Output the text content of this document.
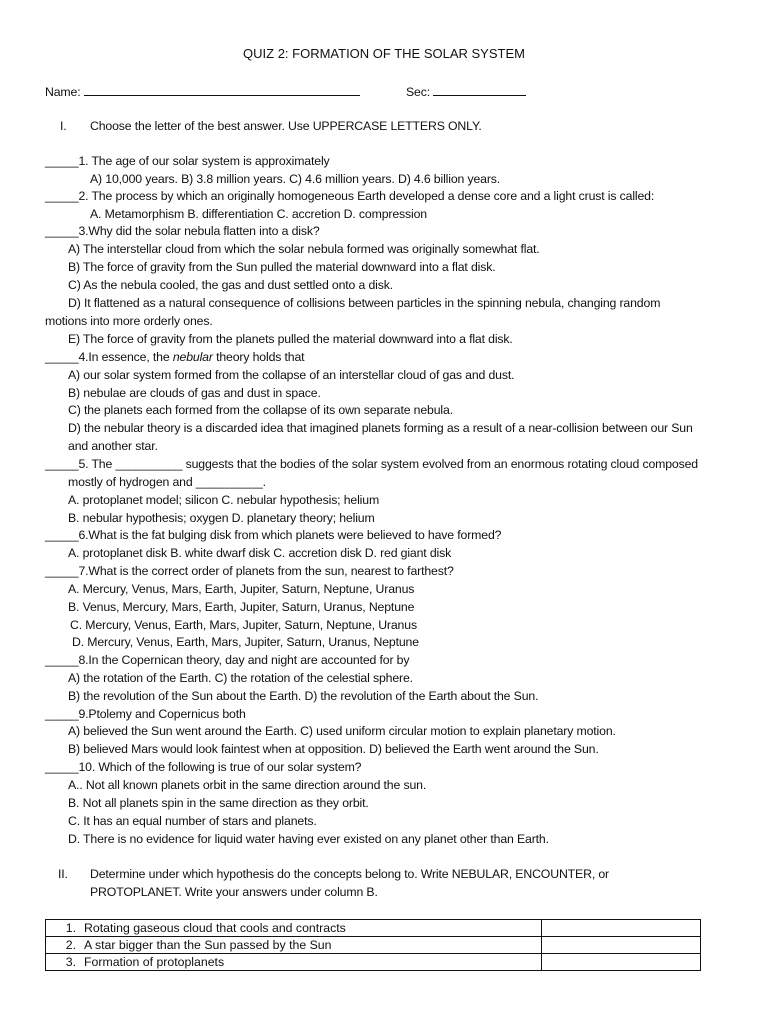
QUIZ 2: FORMATION OF THE SOLAR SYSTEM
Name:	Sec:
I. Choose the letter of the best answer. Use UPPERCASE LETTERS ONLY.
_____1. The age of our solar system is approximately
A) 10,000 years. B) 3.8 million years. C) 4.6 million years. D) 4.6 billion years.
_____2. The process by which an originally homogeneous Earth developed a dense core and a light crust is called:
A. Metamorphism B. differentiation C. accretion D. compression
_____3.Why did the solar nebula flatten into a disk?
A) The interstellar cloud from which the solar nebula formed was originally somewhat flat.
B) The force of gravity from the Sun pulled the material downward into a flat disk.
C) As the nebula cooled, the gas and dust settled onto a disk.
D) It flattened as a natural consequence of collisions between particles in the spinning nebula, changing random
motions into more orderly ones.
E) The force of gravity from the planets pulled the material downward into a flat disk.
_____4.In essence, the nebular theory holds that
A) our solar system formed from the collapse of an interstellar cloud of gas and dust.
B) nebulae are clouds of gas and dust in space.
C) the planets each formed from the collapse of its own separate nebula.
D) the nebular theory is a discarded idea that imagined planets forming as a result of a near-collision between our Sun
and another star.
_____5. The __________ suggests that the bodies of the solar system evolved from an enormous rotating cloud composed
mostly of hydrogen and __________.
A. protoplanet model; silicon C. nebular hypothesis; helium
B. nebular hypothesis; oxygen D. planetary theory; helium
_____6.What is the fat bulging disk from which planets were believed to have formed?
A. protoplanet disk B. white dwarf disk C. accretion disk D. red giant disk
_____7.What is the correct order of planets from the sun, nearest to farthest?
A. Mercury, Venus, Mars, Earth, Jupiter, Saturn, Neptune, Uranus
B. Venus, Mercury, Mars, Earth, Jupiter, Saturn, Uranus, Neptune
C. Mercury, Venus, Earth, Mars, Jupiter, Saturn, Neptune, Uranus
D. Mercury, Venus, Earth, Mars, Jupiter, Saturn, Uranus, Neptune
_____8.In the Copernican theory, day and night are accounted for by
A) the rotation of the Earth. C) the rotation of the celestial sphere.
B) the revolution of the Sun about the Earth. D) the revolution of the Earth about the Sun.
_____9.Ptolemy and Copernicus both
A) believed the Sun went around the Earth. C) used uniform circular motion to explain planetary motion.
B) believed Mars would look faintest when at opposition. D) believed the Earth went around the Sun.
_____10. Which of the following is true of our solar system?
A.. Not all known planets orbit in the same direction around the sun.
B. Not all planets spin in the same direction as they orbit.
C. It has an equal number of stars and planets.
D. There is no evidence for liquid water having ever existed on any planet other than Earth.
II. Determine under which hypothesis do the concepts belong to. Write NEBULAR, ENCOUNTER, or
PROTOPLANET. Write your answers under column B.
1. Rotating gaseous cloud that cools and contracts	
2. A star bigger than the Sun passed by the Sun	
3. Formation of protoplanets	
